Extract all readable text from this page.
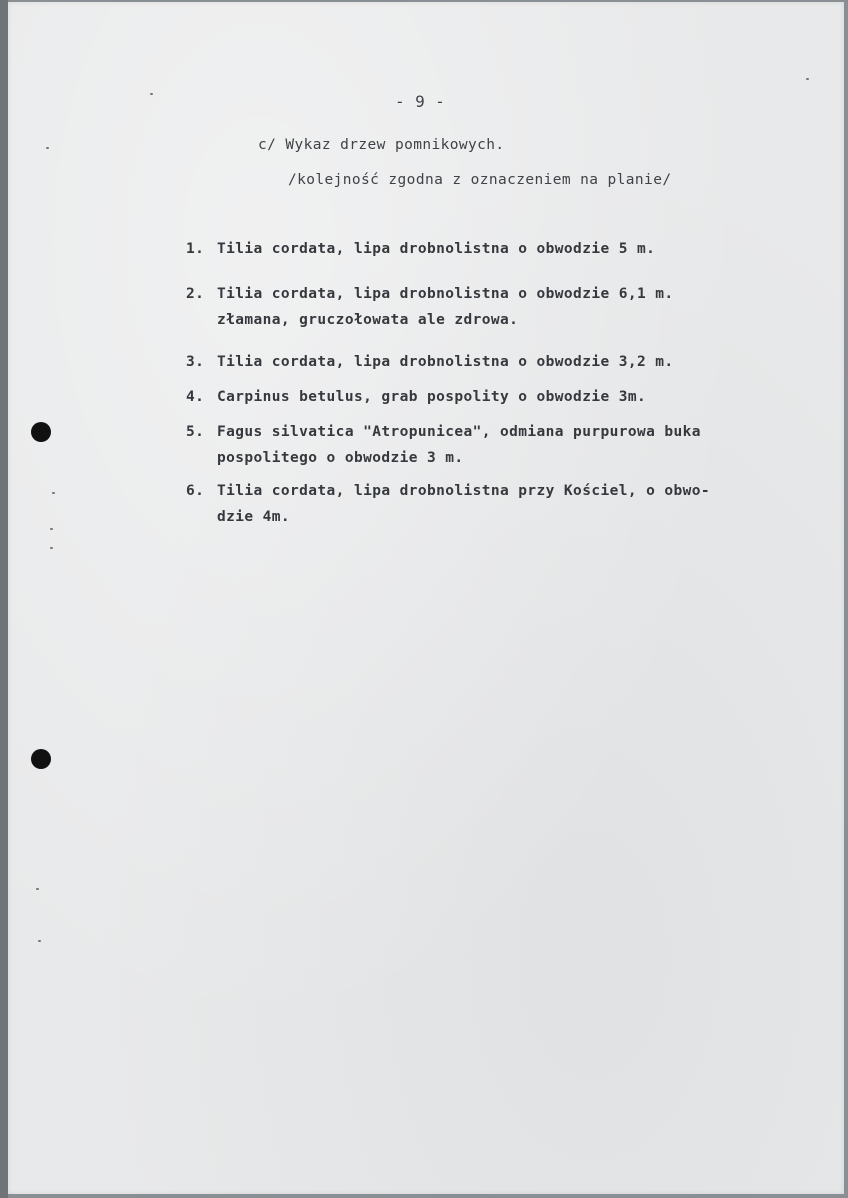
- 9 -
c/ Wykaz drzew pomnikowych.
/kolejność zgodna z oznaczeniem na planie/
1. Tilia cordata, lipa drobnolistna o obwodzie 5 m.
2. Tilia cordata, lipa drobnolistna o obwodzie 6,1 m.
złamana, gruczołowata ale zdrowa.
3. Tilia cordata, lipa drobnolistna o obwodzie 3,2 m.
4. Carpinus betulus, grab pospolity o obwodzie 3m.
5. Fagus silvatica "Atropunicea", odmiana purpurowa buka
pospolitego o obwodzie 3 m.
6. Tilia cordata, lipa drobnolistna przy Kościel, o obwo-
dzie 4m.
